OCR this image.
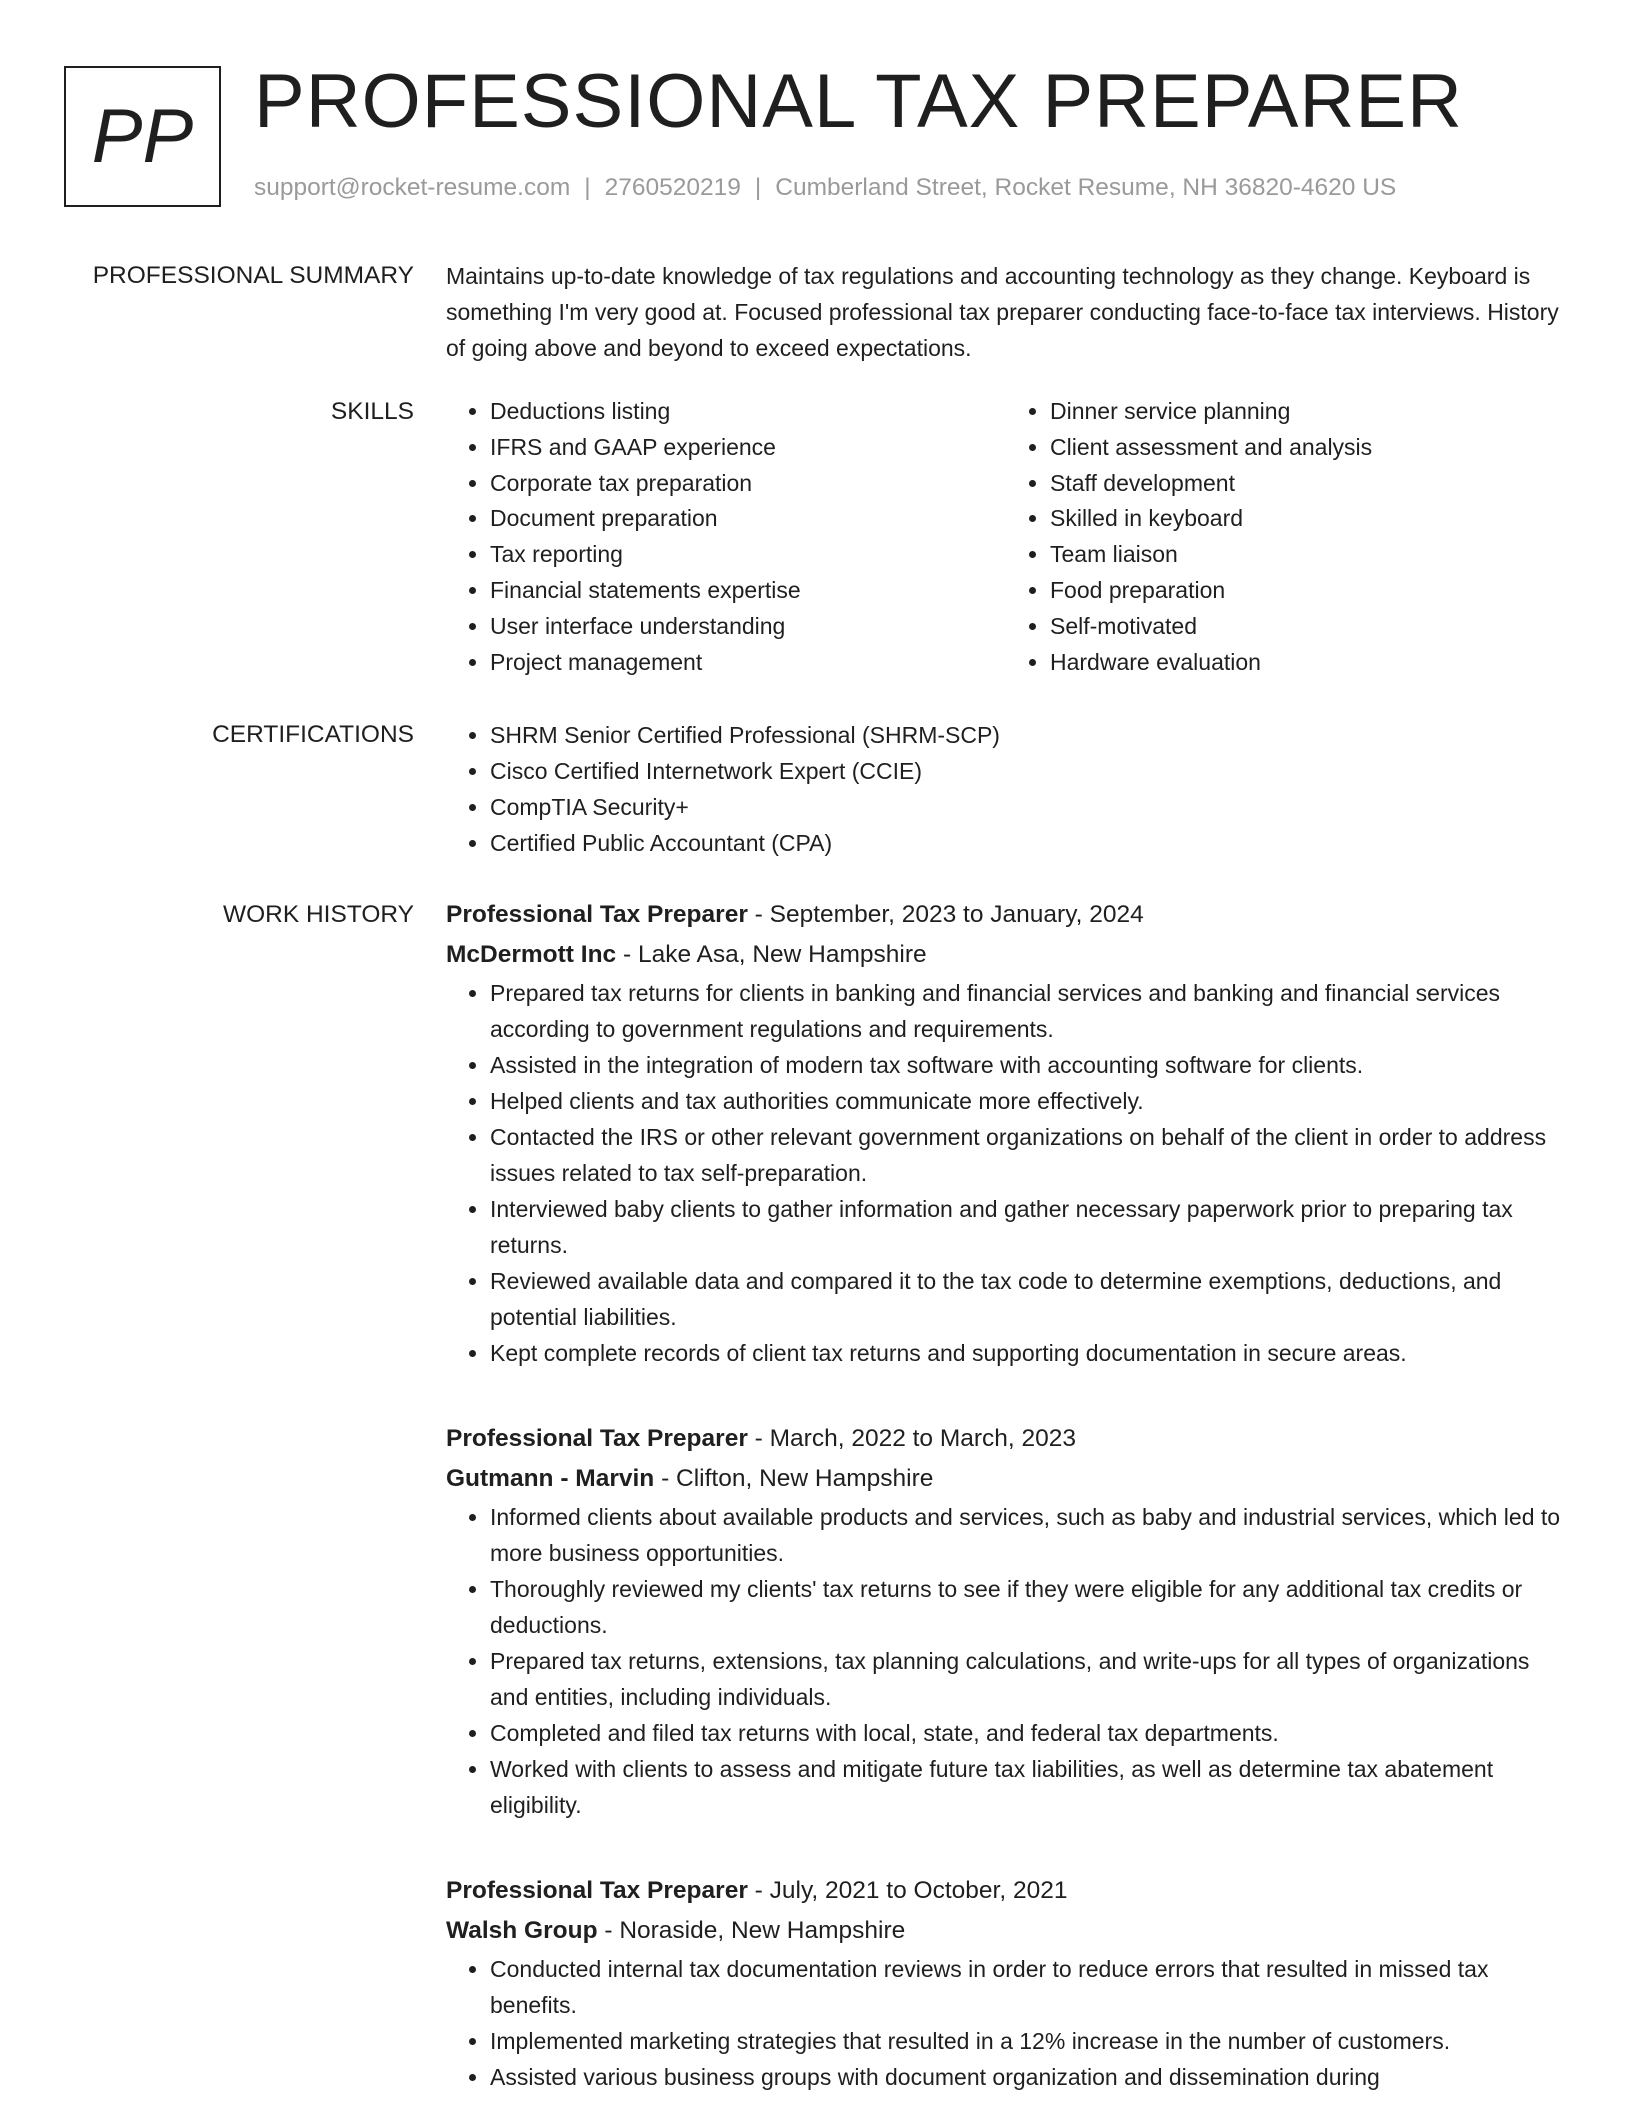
PP PROFESSIONAL TAX PREPARER
support@rocket-resume.com | 2760520219 | Cumberland Street, Rocket Resume, NH 36820-4620 US
PROFESSIONAL SUMMARY Maintains up-to-date knowledge of tax regulations and accounting technology as they change. Keyboard is something I'm very good at. Focused professional tax preparer conducting face-to-face tax interviews. History of going above and beyond to exceed expectations.

SKILLS	• Deductions listing
• IFRS and GAAP experience
• Corporate tax preparation
• Document preparation
• Tax reporting
• Financial statements expertise
• User interface understanding
• Project management
• Dinner service planning
• Client assessment and analysis
• Staff development
• Skilled in keyboard
• Team liaison
• Food preparation
• Self-motivated
• Hardware evaluation
CERTIFICATIONS	• SHRM Senior Certified Professional (SHRM-SCP)
• Cisco Certified Internetwork Expert (CCIE)
• CompTIA Security+
• Certified Public Accountant (CPA)
WORK HISTORY Professional Tax Preparer - September, 2023 to January, 2024
McDermott Inc - Lake Asa, New Hampshire
• Prepared tax returns for clients in banking and financial services and banking and financial services according to government regulations and requirements.
• Assisted in the integration of modern tax software with accounting software for clients.
• Helped clients and tax authorities communicate more effectively.
• Contacted the IRS or other relevant government organizations on behalf of the client in order to address issues related to tax self-preparation.
• Interviewed baby clients to gather information and gather necessary paperwork prior to preparing tax returns.
• Reviewed available data and compared it to the tax code to determine exemptions, deductions, and potential liabilities.
• Kept complete records of client tax returns and supporting documentation in secure areas.
Professional Tax Preparer - March, 2022 to March, 2023
Gutmann - Marvin - Clifton, New Hampshire
• Informed clients about available products and services, such as baby and industrial services, which led to more business opportunities.
• Thoroughly reviewed my clients' tax returns to see if they were eligible for any additional tax credits or deductions.
• Prepared tax returns, extensions, tax planning calculations, and write-ups for all types of organizations and entities, including individuals.
• Completed and filed tax returns with local, state, and federal tax departments.
• Worked with clients to assess and mitigate future tax liabilities, as well as determine tax abatement eligibility.
Professional Tax Preparer - July, 2021 to October, 2021
Walsh Group - Noraside, New Hampshire
• Conducted internal tax documentation reviews in order to reduce errors that resulted in missed tax benefits.
• Implemented marketing strategies that resulted in a 12% increase in the number of customers.
• Assisted various business groups with document organization and dissemination during
